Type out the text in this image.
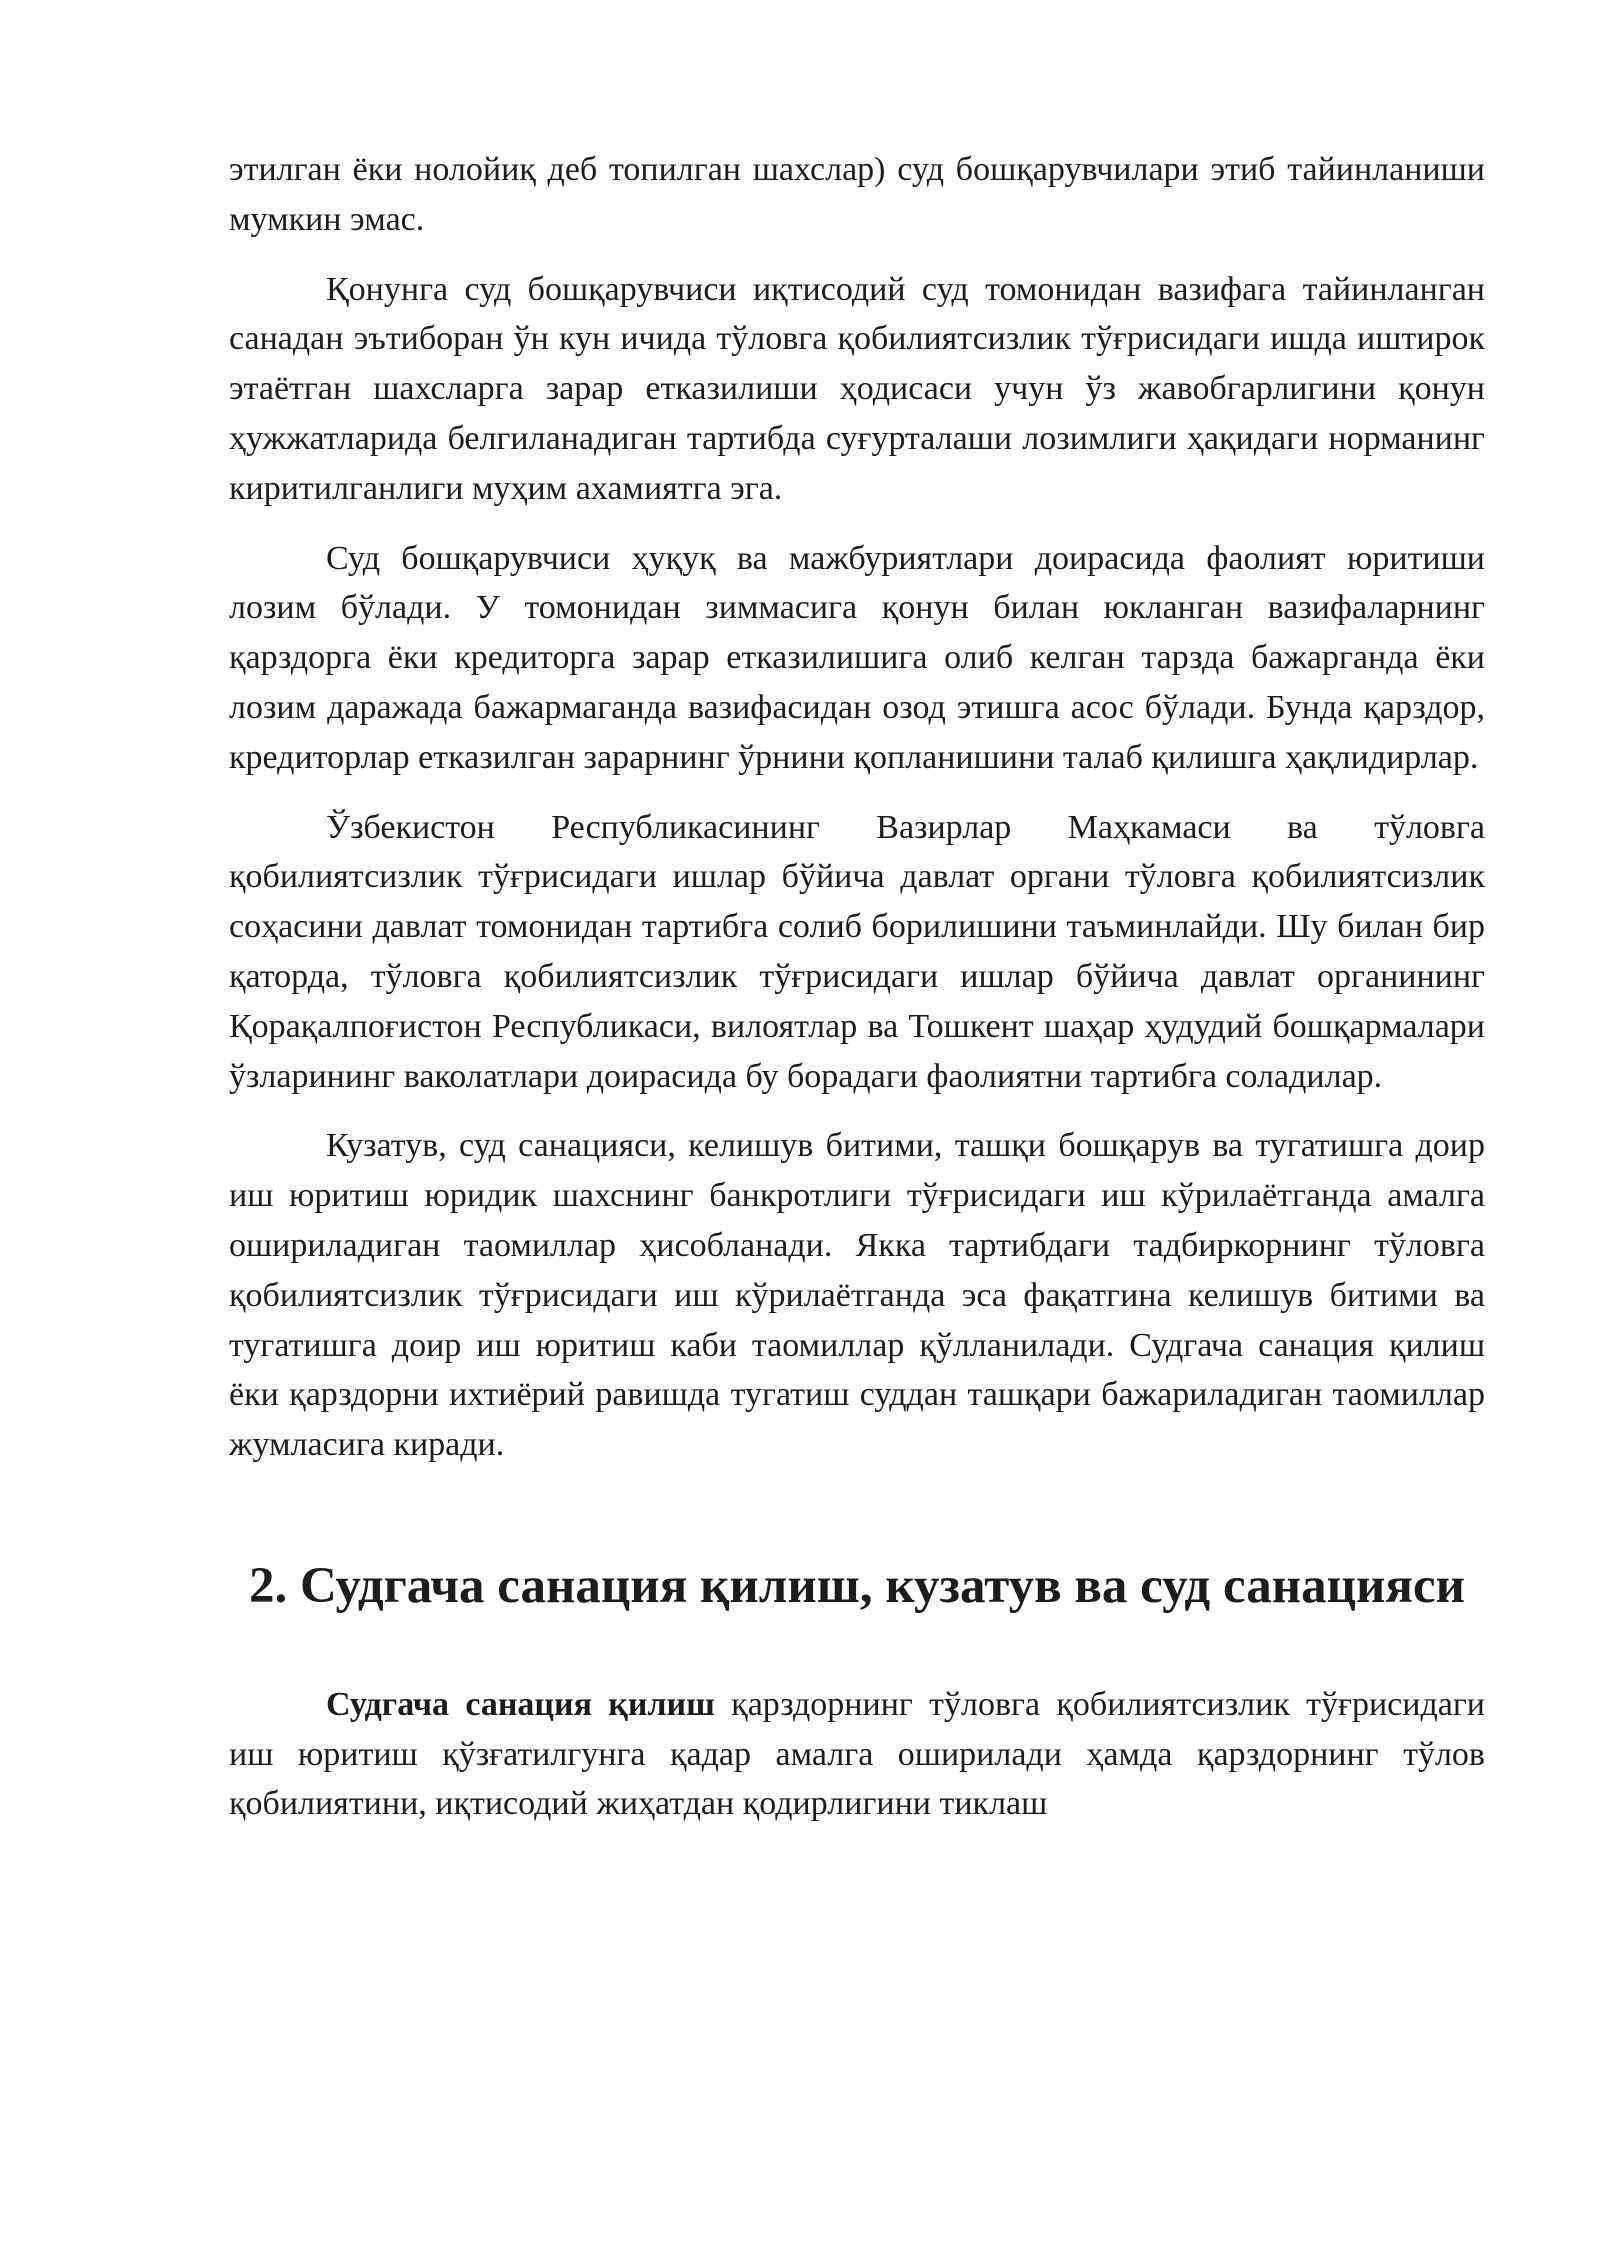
этилган ёки нолойиқ деб топилган шахслар) суд бошқарувчилари этиб тайинланиши мумкин эмас.

Қонунга суд бошқарувчиси иқтисодий суд томонидан вазифага тайинланган санадан эътиборан ўн кун ичида тўловга қобилиятсизлик тўғрисидаги ишда иштирок этаётган шахсларга зарар етказилиши ҳодисаси учун ўз жавобгарлигини қонун ҳужжатларида белгиланадиган тартибда суғурталаши лозимлиги ҳақидаги норманинг киритилганлиги муҳим ахамиятга эга.

Суд бошқарувчиси ҳуқуқ ва мажбуриятлари доирасида фаолият юритиши лозим бўлади. У томонидан зиммасига қонун билан юкланган вазифаларнинг қарздорга ёки кредиторга зарар етказилишига олиб келган тарзда бажарганда ёки лозим даражада бажармаганда вазифасидан озод этишга асос бўлади. Бунда қарздор, кредиторлар етказилган зарарнинг ўрнини қопланишини талаб қилишга ҳақлидирлар.

Ўзбекистон Республикасининг Вазирлар Маҳкамаси ва тўловга қобилиятсизлик тўғрисидаги ишлар бўйича давлат органи тўловга қобилиятсизлик соҳасини давлат томонидан тартибга солиб борилишини таъминлайди. Шу билан бир қаторда, тўловга қобилиятсизлик тўғрисидаги ишлар бўйича давлат органининг Қорақалпоғистон Республикаси, вилоятлар ва Тошкент шаҳар ҳудудий бошқармалари ўзларининг ваколатлари доирасида бу борадаги фаолиятни тартибга соладилар.

Кузатув, суд санацияси, келишув битими, ташқи бошқарув ва тугатишга доир иш юритиш юридик шахснинг банкротлиги тўғрисидаги иш кўрилаётганда амалга ошириладиган таомиллар ҳисобланади. Якка тартибдаги тадбиркорнинг тўловга қобилиятсизлик тўғрисидаги иш кўрилаётганда эса фақатгина келишув битими ва тугатишга доир иш юритиш каби таомиллар қўлланилади. Судгача санация қилиш ёки қарздорни ихтиёрий равишда тугатиш суддан ташқари бажариладиган таомиллар жумласига киради.

2. Судгача санация қилиш, кузатув ва суд санацияси

Судгача санация қилиш қарздорнинг тўловга қобилиятсизлик тўғрисидаги иш юритиш қўзғатилгунга қадар амалга оширилади ҳамда қарздорнинг тўлов қобилиятини, иқтисодий жиҳатдан қодирлигини тиклаш
